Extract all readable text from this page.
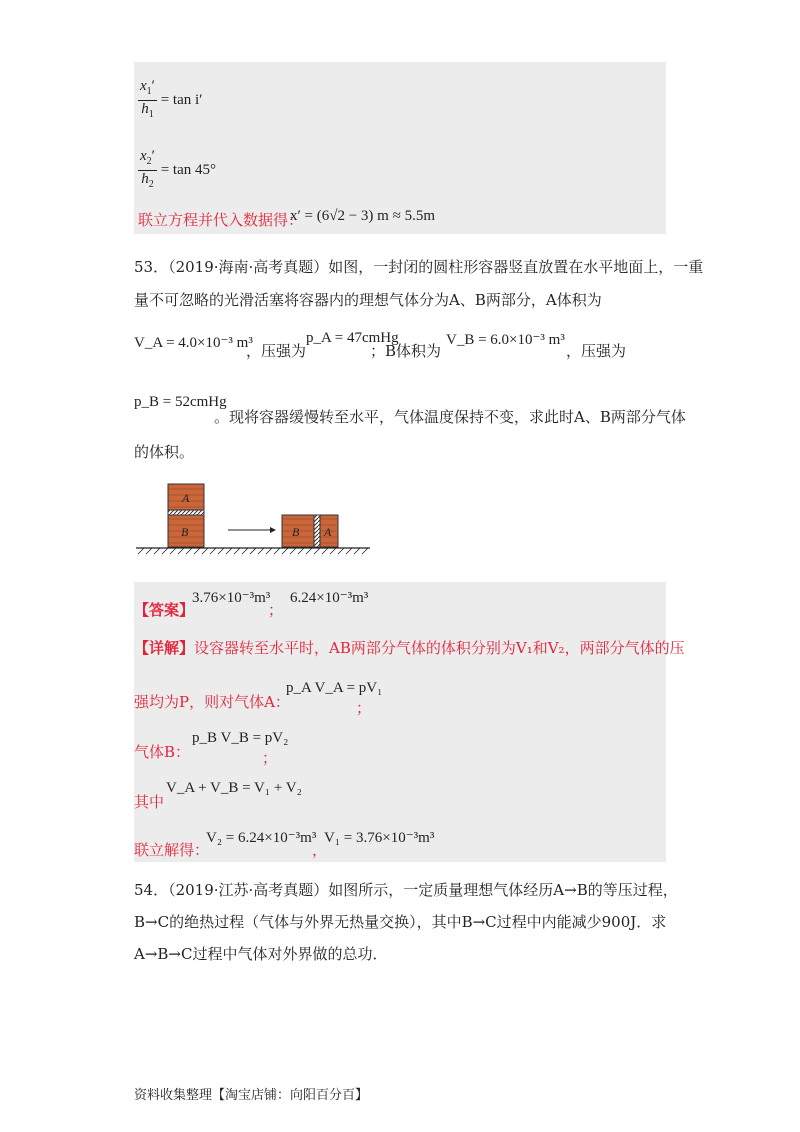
$\frac{x_1'}{h_1} = \tan i'$
$\frac{x_2'}{h_2} = \tan 45^\circ$
联立方程并代入数据得：
x′ = (6√2 − 3) m ≈ 5.5m
53．（2019·海南·高考真题）如图，一封闭的圆柱形容器竖直放置在水平地面上，一重
量不可忽略的光滑活塞将容器内的理想气体分为A、B两部分，A体积为
V_A = 4.0×10⁻³ m³
，压强为
p_A = 47cmHg
；B体积为
V_B = 6.0×10⁻³ m³
，压强为
p_B = 52cmHg
。现将容器缓慢转至水平，气体温度保持不变，求此时A、B两部分气体
的体积。
A
B	B A
【答案】
3.76×10⁻³m³
；
6.24×10⁻³m³
【详解】设容器转至水平时，AB两部分气体的体积分别为V₁和V₂，两部分气体的压
强均为P，则对气体A：
p_A V_A = pV₁
；
气体B：
p_B V_B = pV₂
；
其中
V_A + V_B = V₁ + V₂
联立解得：
V₂ = 6.24×10⁻³m³
，
V₁ = 3.76×10⁻³m³
54．（2019·江苏·高考真题）如图所示，一定质量理想气体经历A→B的等压过程，
B→C的绝热过程（气体与外界无热量交换），其中B→C过程中内能减少900J．求
A→B→C过程中气体对外界做的总功．
资料收集整理【淘宝店铺：向阳百分百】
